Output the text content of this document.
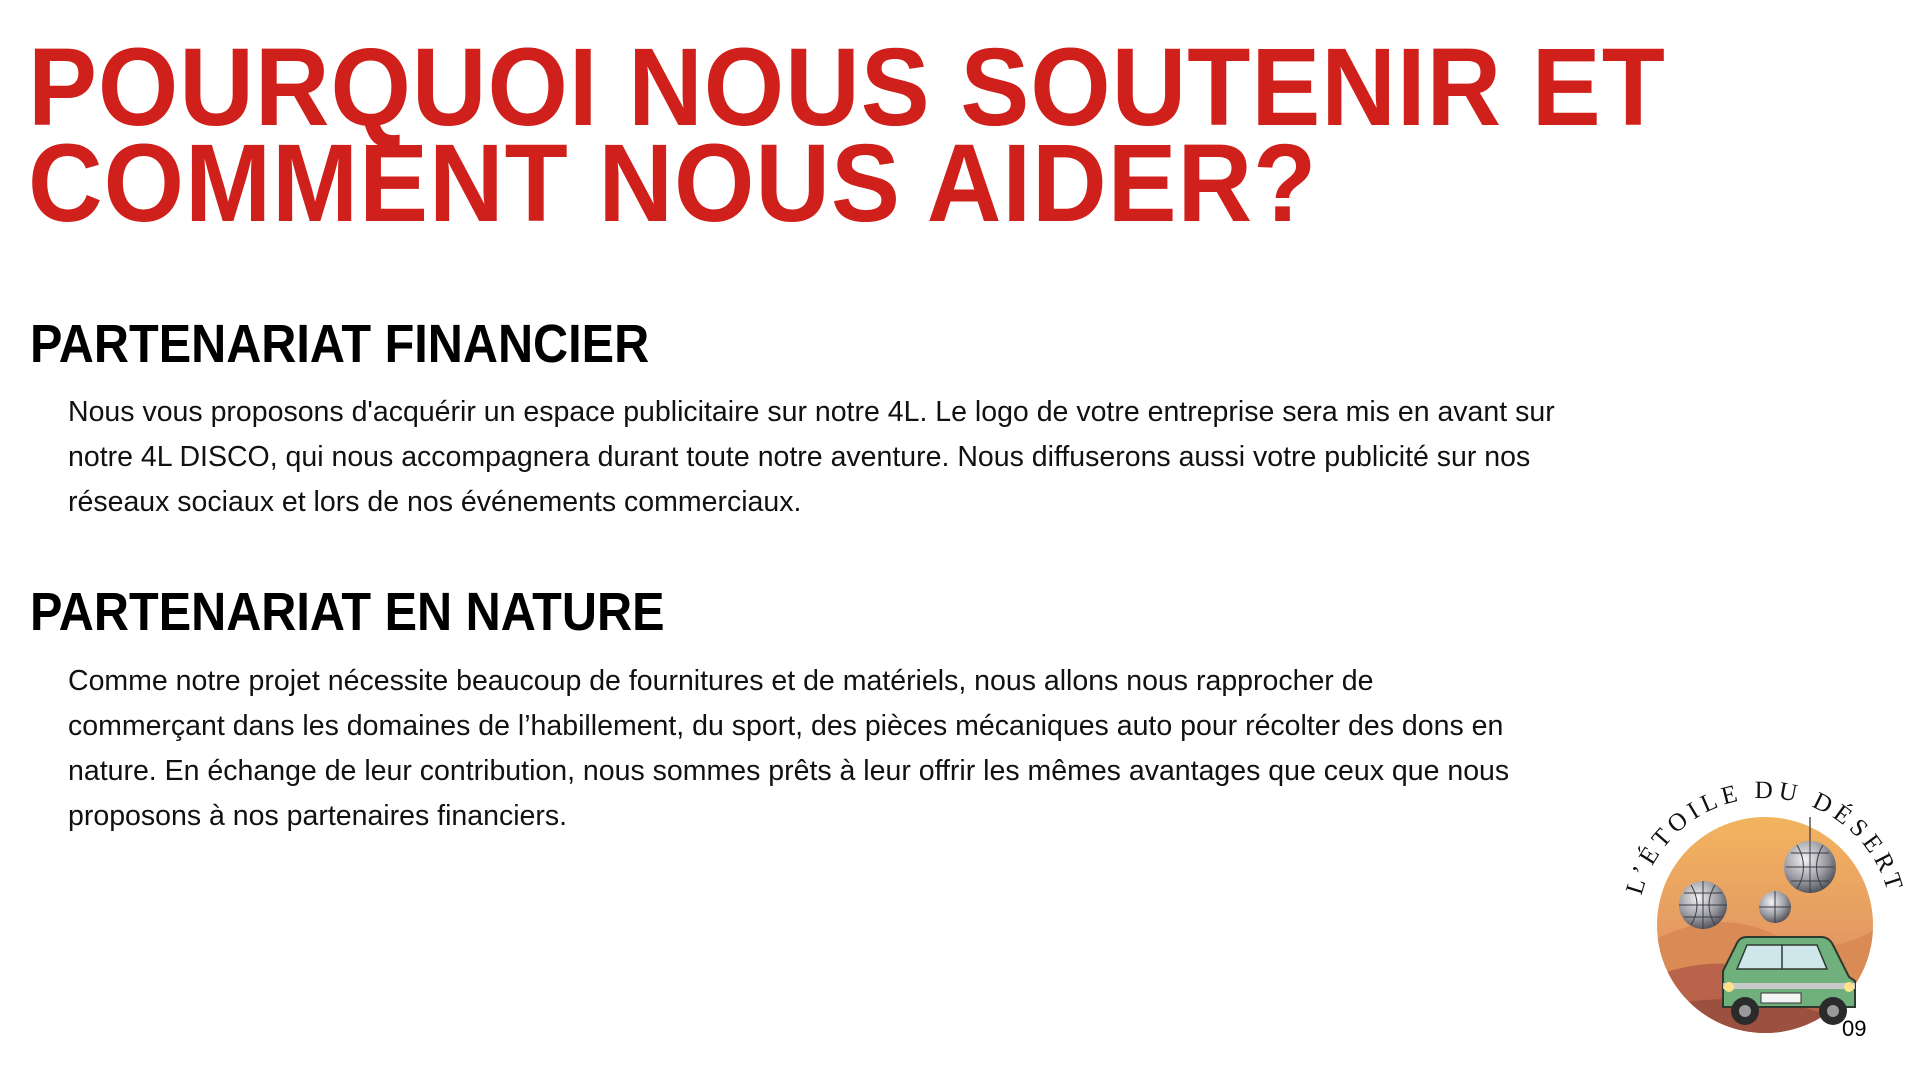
POURQUOI NOUS SOUTENIR ET
COMMENT NOUS AIDER?
PARTENARIAT FINANCIER

Nous vous proposons d'acquérir un espace publicitaire sur notre 4L. Le logo de votre entreprise sera mis en avant sur
notre 4L DISCO, qui nous accompagnera durant toute notre aventure. Nous diffuserons aussi votre publicité sur nos
réseaux sociaux et lors de nos événements commerciaux.

PARTENARIAT EN NATURE

Comme notre projet nécessite beaucoup de fournitures et de matériels, nous allons nous rapprocher de
commerçant dans les domaines de l’habillement, du sport, des pièces mécaniques auto pour récolter des dons en
nature. En échange de leur contribution, nous sommes prêts à leur offrir les mêmes avantages que ceux que nous
proposons à nos partenaires financiers.

L’ÉTOILE DU DÉSERT
09
